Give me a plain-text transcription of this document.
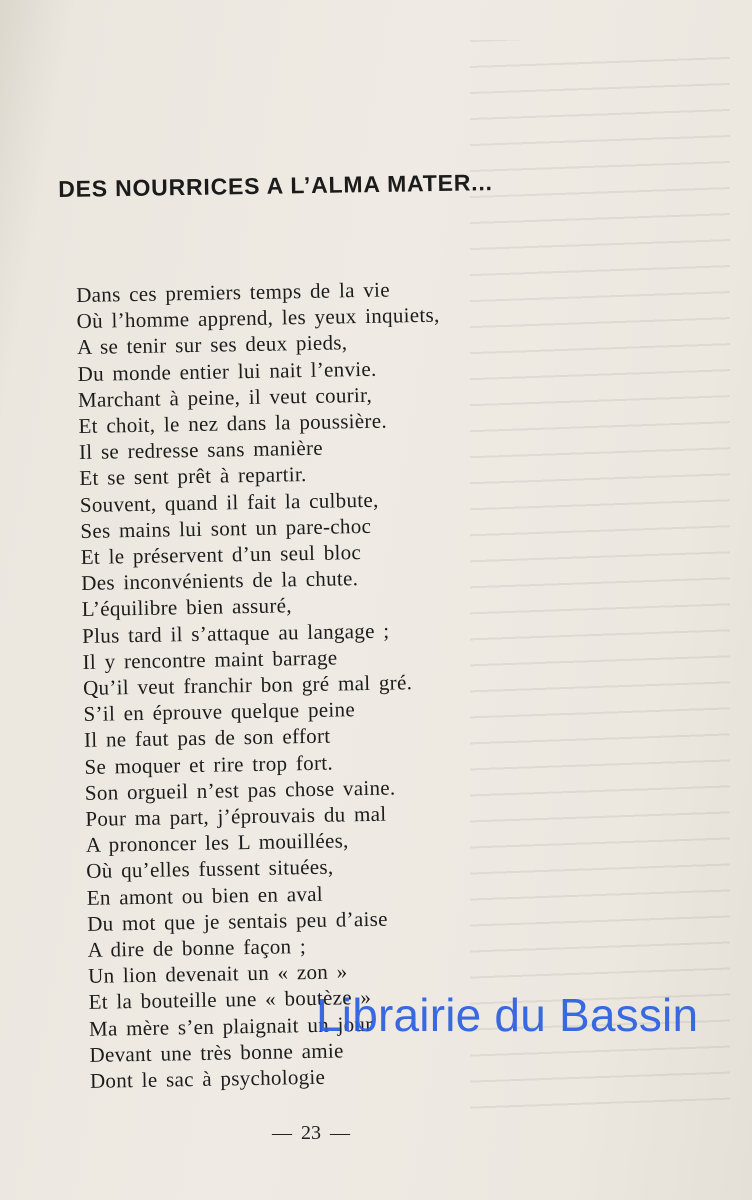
DES NOURRICES A L’ALMA MATER...
Dans ces premiers temps de la vie
Où l’homme apprend, les yeux inquiets,
A se tenir sur ses deux pieds,
Du monde entier lui nait l’envie.
Marchant à peine, il veut courir,
Et choit, le nez dans la poussière.
Il se redresse sans manière
Et se sent prêt à repartir.
Souvent, quand il fait la culbute,
Ses mains lui sont un pare-choc
Et le préservent d’un seul bloc
Des inconvénients de la chute.
L’équilibre bien assuré,
Plus tard il s’attaque au langage ;
Il y rencontre maint barrage
Qu’il veut franchir bon gré mal gré.
S’il en éprouve quelque peine
Il ne faut pas de son effort
Se moquer et rire trop fort.
Son orgueil n’est pas chose vaine.
Pour ma part, j’éprouvais du mal
A prononcer les L mouillées,
Où qu’elles fussent situées,
En amont ou bien en aval
Du mot que je sentais peu d’aise
A dire de bonne façon ;
Un lion devenait un « zon »
Et la bouteille une « boutèze »
Ma mère s’en plaignait un jour
Devant une très bonne amie
Dont le sac à psychologie
— 23 —
Librairie du Bassin
